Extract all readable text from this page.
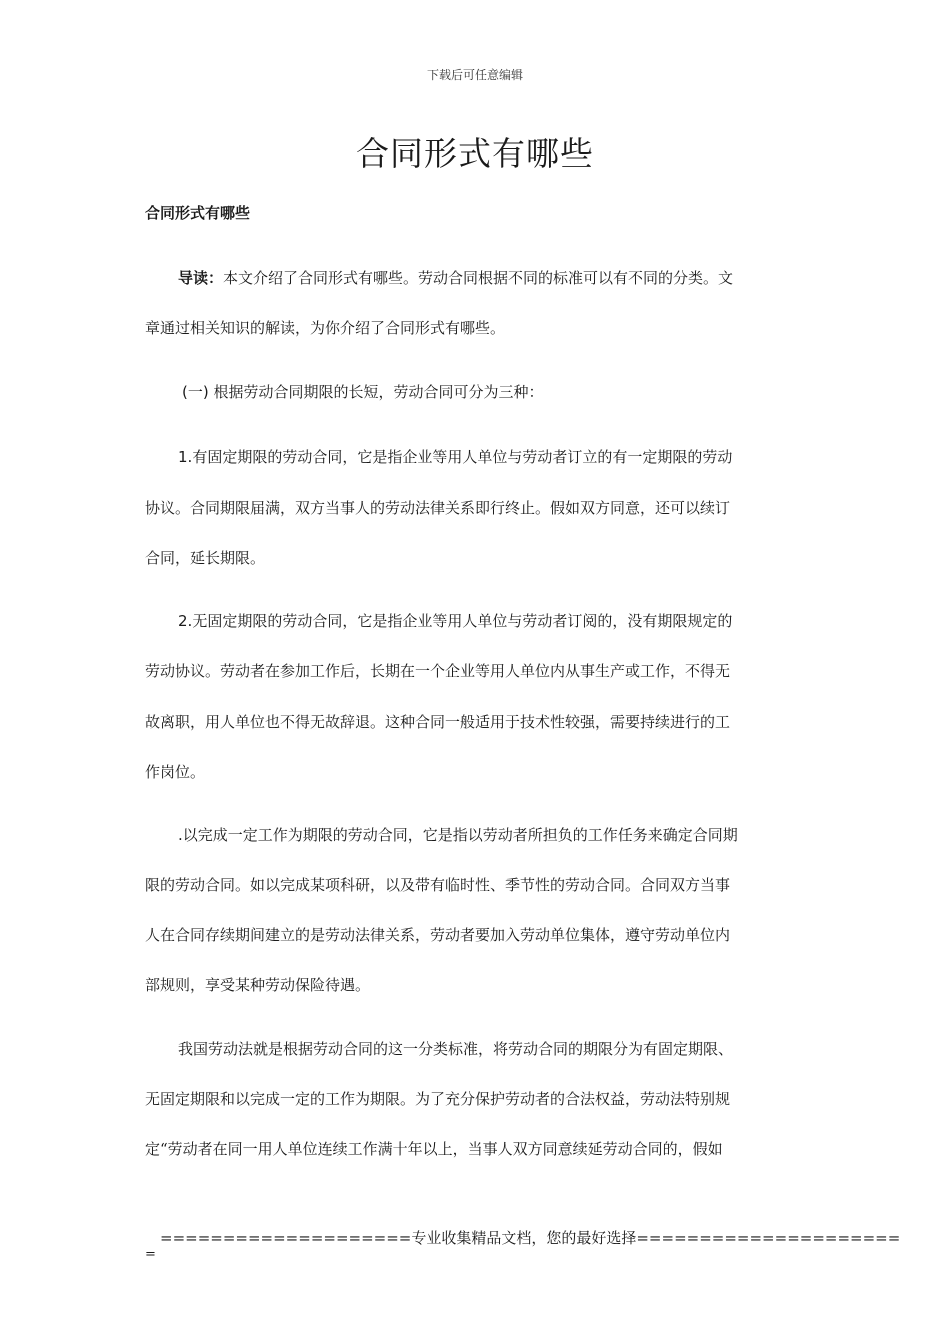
下载后可任意编辑
合同形式有哪些
合同形式有哪些

导读：本文介绍了合同形式有哪些。劳动合同根据不同的标准可以有不同的分类。文

章通过相关知识的解读，为你介绍了合同形式有哪些。

(一) 根据劳动合同期限的长短，劳动合同可分为三种：

1.有固定期限的劳动合同，它是指企业等用人单位与劳动者订立的有一定期限的劳动

协议。合同期限届满，双方当事人的劳动法律关系即行终止。假如双方同意，还可以续订

合同，延长期限。

2.无固定期限的劳动合同，它是指企业等用人单位与劳动者订阅的，没有期限规定的

劳动协议。劳动者在参加工作后，长期在一个企业等用人单位内从事生产或工作，不得无

故离职，用人单位也不得无故辞退。这种合同一般适用于技术性较强，需要持续进行的工

作岗位。

.以完成一定工作为期限的劳动合同，它是指以劳动者所担负的工作任务来确定合同期

限的劳动合同。如以完成某项科研，以及带有临时性、季节性的劳动合同。合同双方当事

人在合同存续期间建立的是劳动法律关系，劳动者要加入劳动单位集体，遵守劳动单位内

部规则，享受某种劳动保险待遇。

我国劳动法就是根据劳动合同的这一分类标准，将劳动合同的期限分为有固定期限、

无固定期限和以完成一定的工作为期限。为了充分保护劳动者的合法权益，劳动法特别规

定“劳动者在同一用人单位连续工作满十年以上，当事人双方同意续延劳动合同的，假如

====================专业收集精品文档，您的最好选择=====================
=
